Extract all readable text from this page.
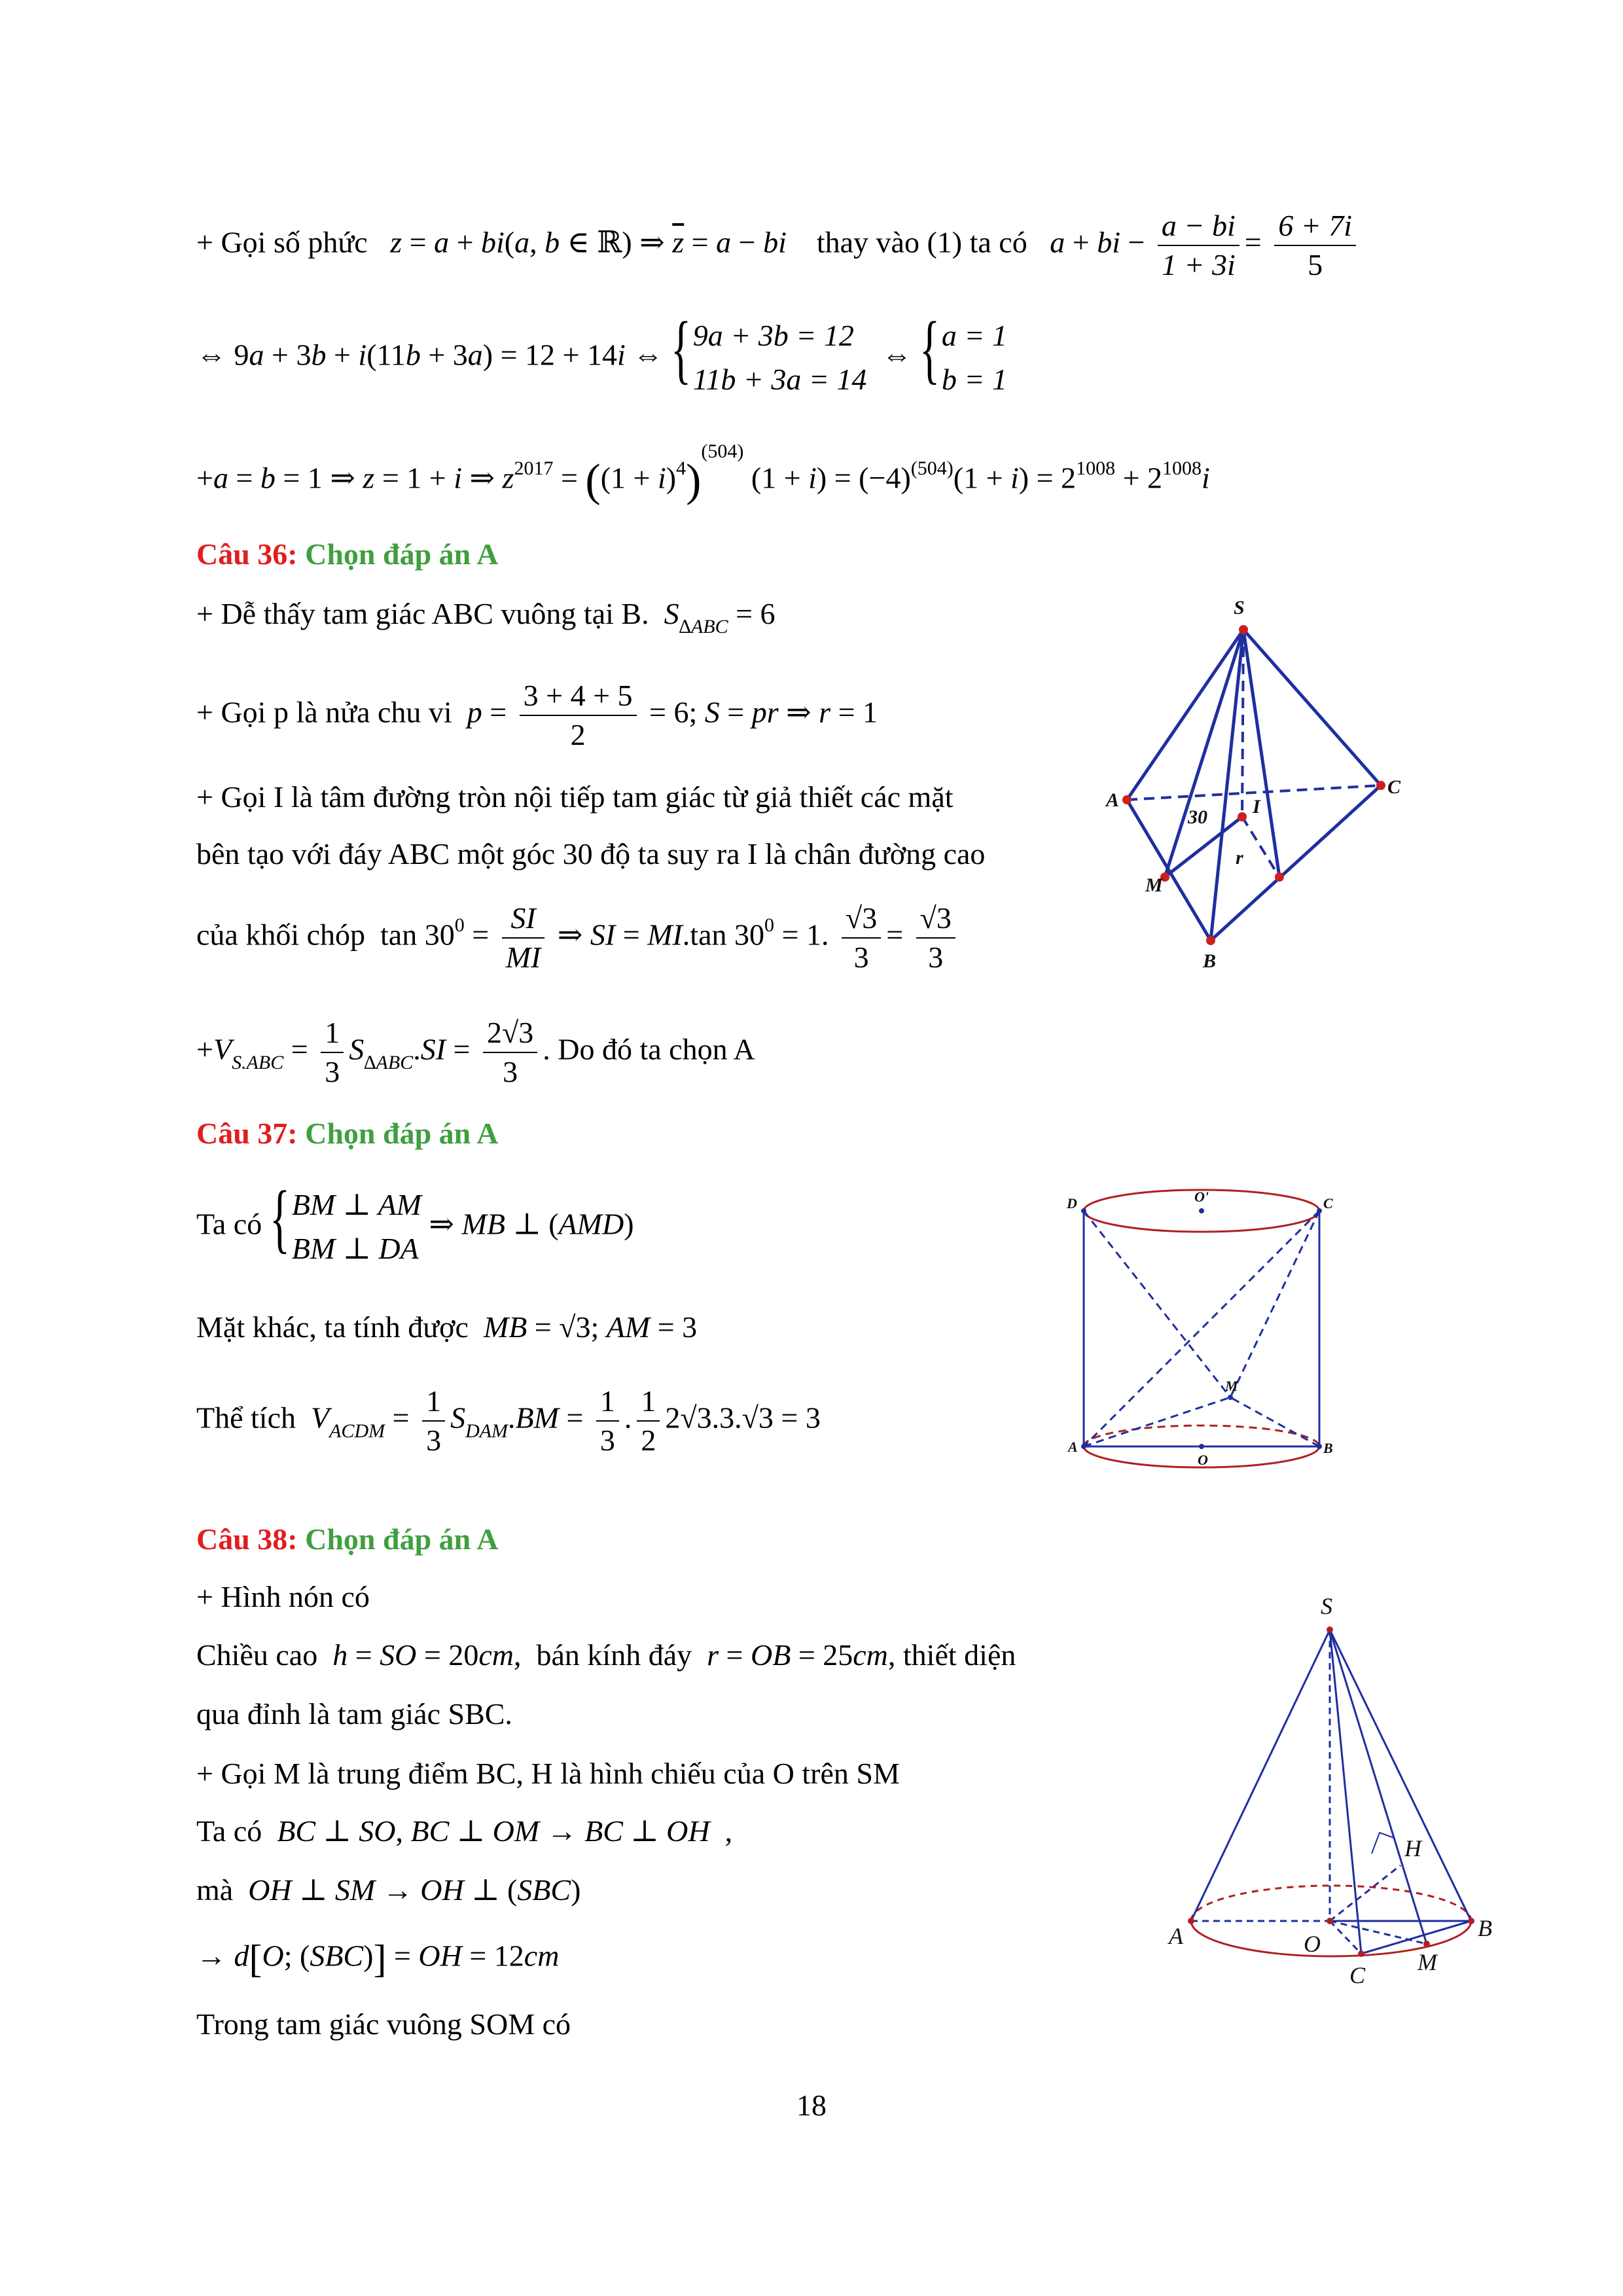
+ Gọi số phức z = a + bi(a, b ∈ ℝ) ⇒ $\overline{z} = a$ − bi thay vào (1) ta có a + bi − $\frac{a - bi}{1 + 3i} = \frac{6 + 7i}{5}$
⇔ 9a + 3b + i(11b + 3a) = 12 + 14i ⇔ { 9a + 3b = 12
11b + 3a = 14
⇔ { a = 1
b = 1
+a = b = 1 ⇒ z = 1 + i ⇒ $z^{2017} = ((1 + i)^4)^{(504)}$ $(1 + i) = (-4)^{(504)}(1 + i) = 2^{1008} + 2^{1008}i$
Câu 36: Chọn đáp án A
+ Dễ thấy tam giác ABC vuông tại B. $S_{\Delta ABC} = 6$
+ Gọi p là nửa chu vi $p = \frac{3 + 4 + 5}{2} = 6$; S = pr ⇒ r = 1
+ Gọi I là tâm đường tròn nội tiếp tam giác từ giả thiết các mặt
bên tạo với đáy ABC một góc 30 độ ta suy ra I là chân đường cao
của khối chóp  $\tan 30^0 = \frac{SI}{MI}$ ⇒ SI = MI.tan $30^0 = 1$. $\frac{√3}{3} = \frac{√3}{3}$
$+V_{S.ABC} = \frac{1}{3} S_{\Delta ABC}.SI = \frac{2√3}{3}$ . Do đó ta chọn A
S
A
C
B
M
I
r
30
Câu 37: Chọn đáp án A
Ta có { BM ⊥ AM
BM ⊥ DA
⇒ MB ⊥ (AMD)
Mặt khác, ta tính được MB = √3; AM = 3
Thể tích $V_{ACDM} = \frac{1}{3} S_{DAM}.BM = \frac{1}{3}$ . $\frac{1}{2} 2√3.3.√3 = 3$
D	O'	C
M
A
O
B
Câu 38: Chọn đáp án A
+ Hình nón có
Chiều cao h = SO = 20cm,  bán kính đáy r = OB = 25cm, thiết diện
qua đỉnh là tam giác SBC.
+ Gọi M là trung điểm BC, H là hình chiếu của O trên SM
Ta có BC ⊥ SO, BC ⊥ OM → BC ⊥ OH  ,
mà OH ⊥ SM → OH ⊥ (SBC)
→ d[O; (SBC)] = OH = 12cm
Trong tam giác vuông SOM có
S
H
A	O
B
C M
18
